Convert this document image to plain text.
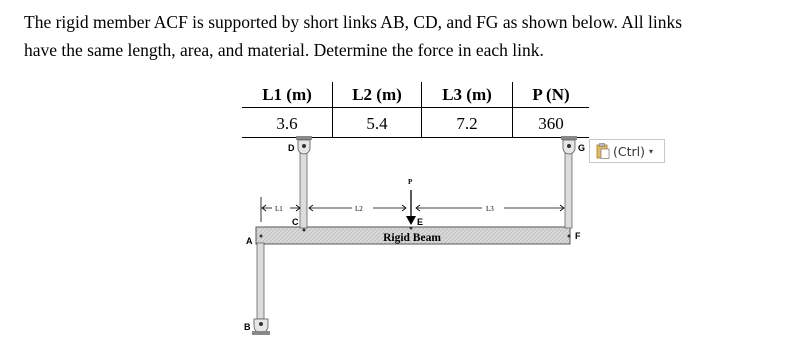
The rigid member ACF is supported by short links AB, CD, and FG as shown below. All links

have the same length, area, and material. Determine the force in each link.

L1 (m)	L2 (m)	L3 (m)	P (N)
3.6	5.4	7.2	360
D	G
C
A
B
E
F
P
L1	L2	L3
Rigid Beam
(Ctrl) ▾
